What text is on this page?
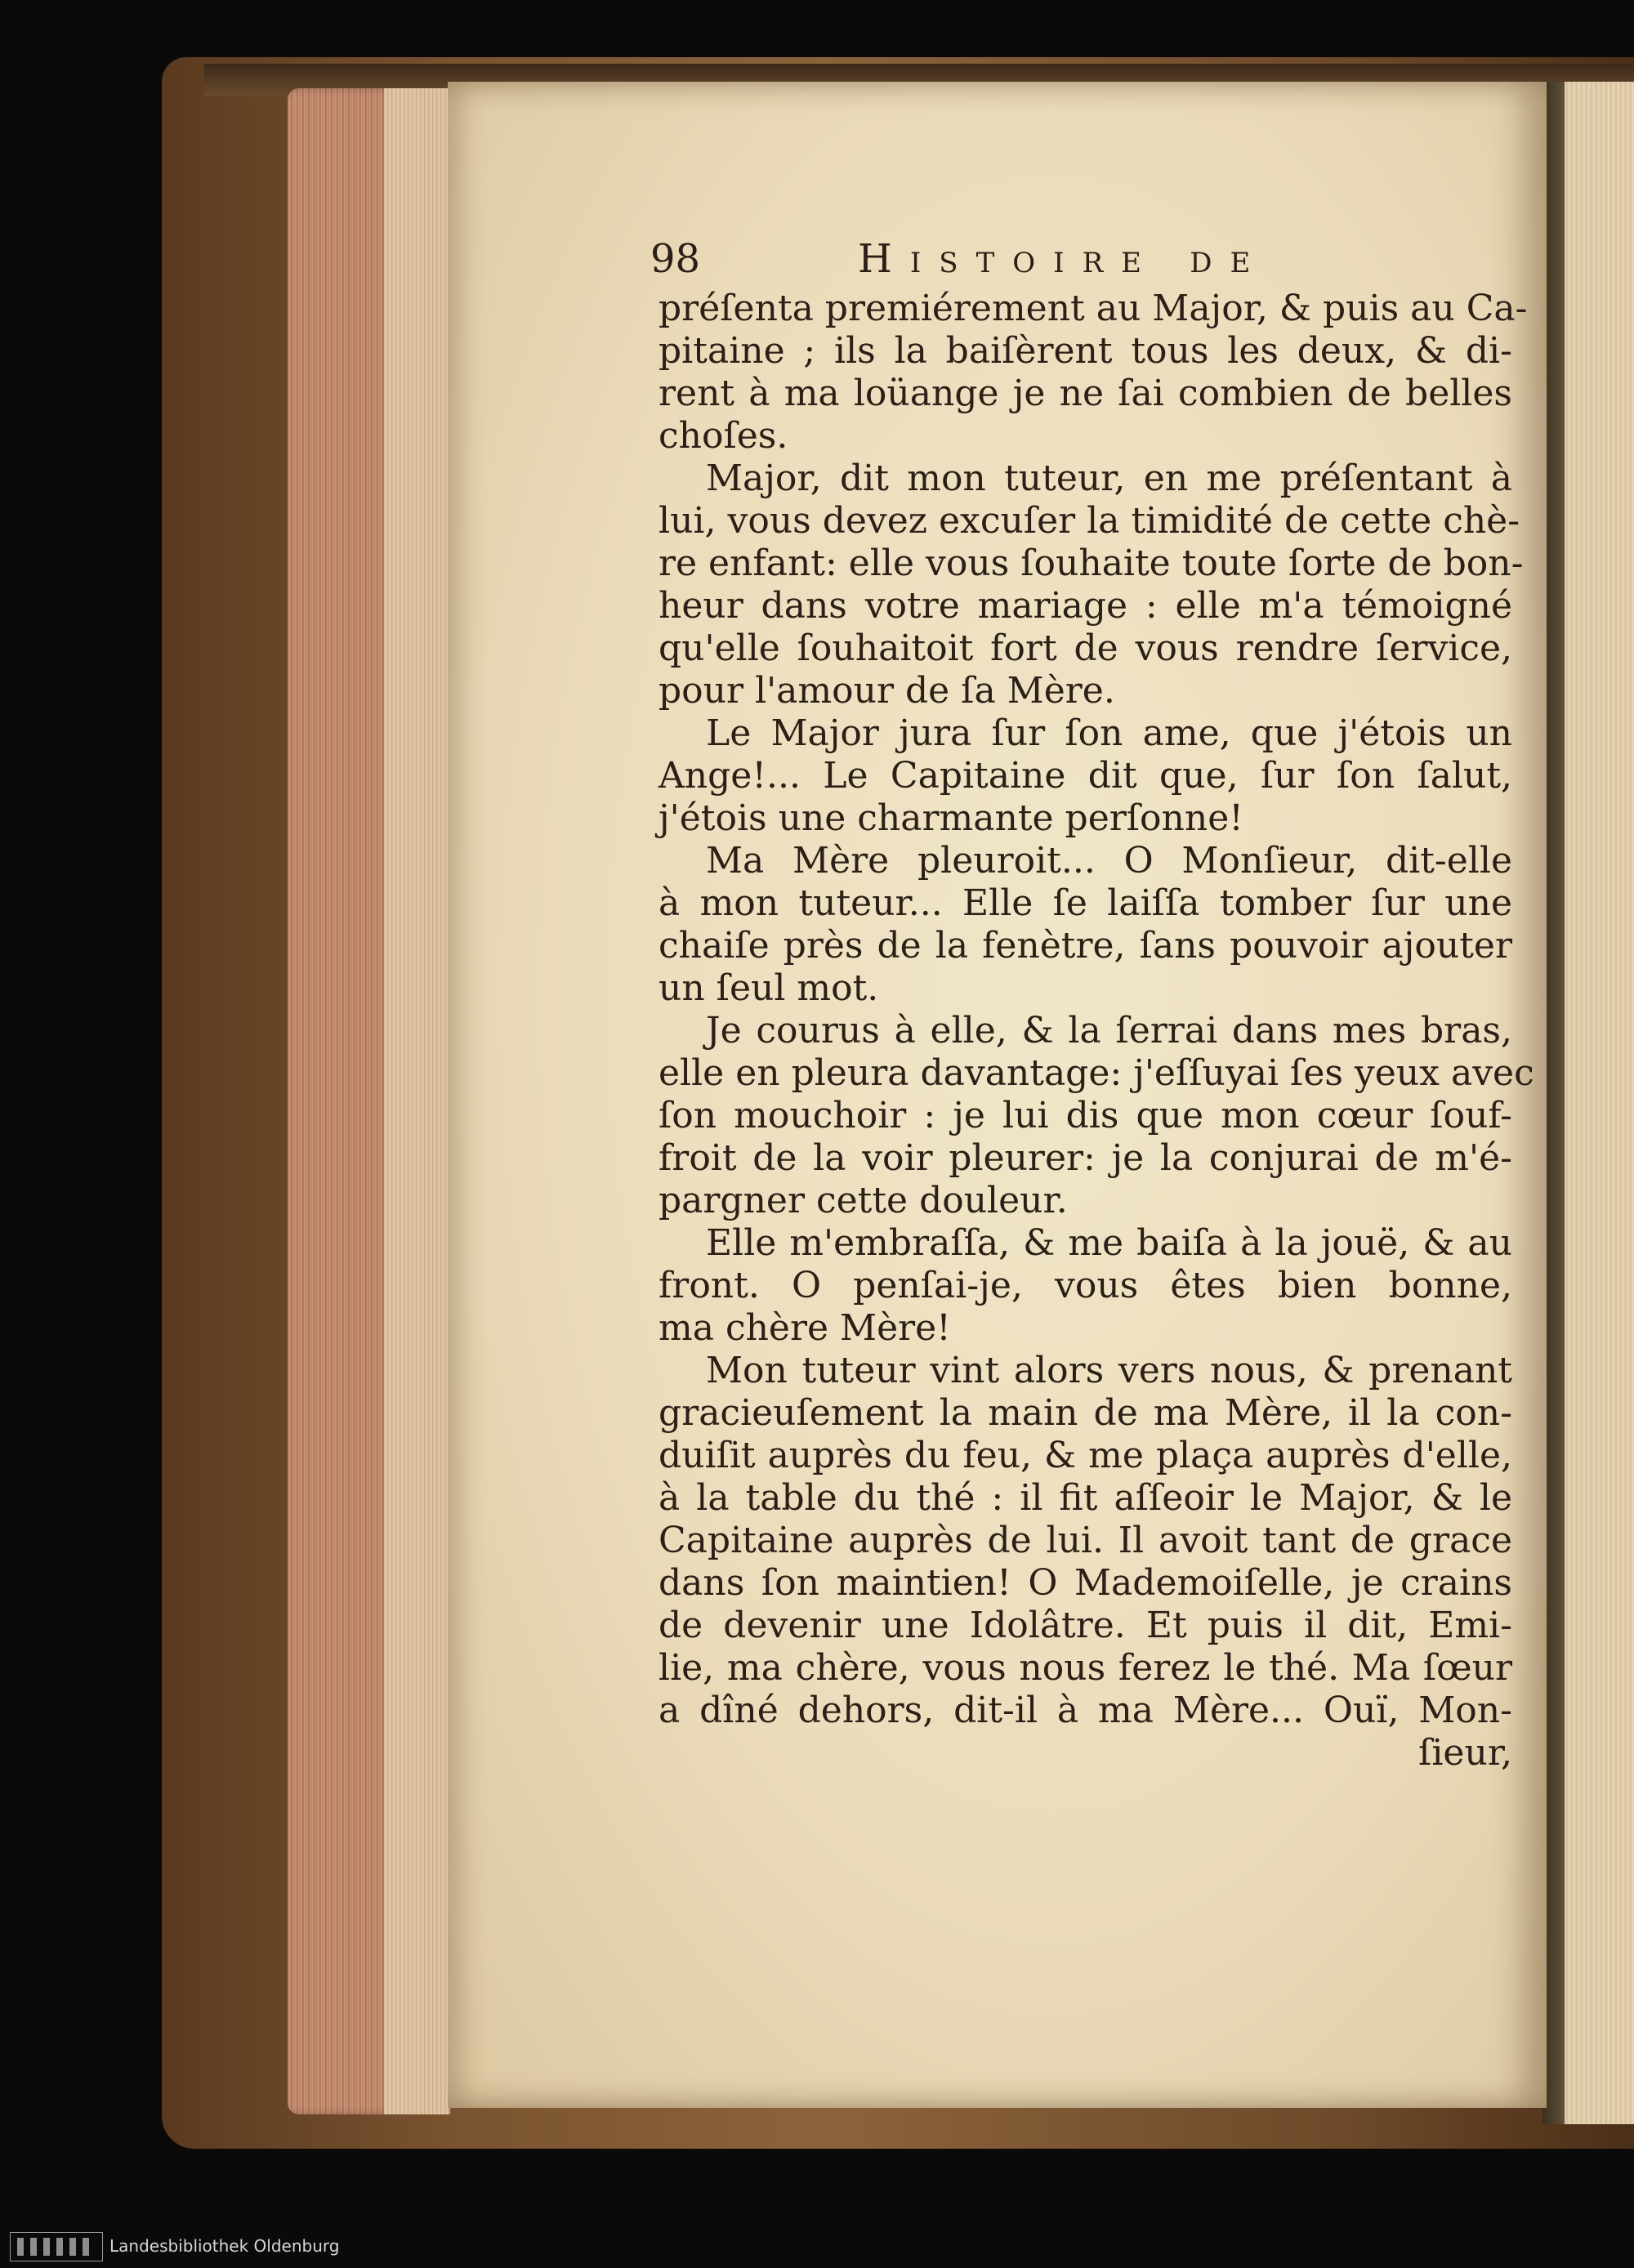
98	Histoire de
préſenta premiérement au Major, & puis au Ca-
pitaine ; ils la baiſèrent tous les deux, & di-
rent à ma loüange je ne ſai combien de belles
choſes.
Major, dit mon tuteur, en me préſentant à
lui, vous devez excuſer la timidité de cette chè-
re enfant: elle vous ſouhaite toute ſorte de bon-
heur dans votre mariage : elle m'a témoigné
qu'elle ſouhaitoit fort de vous rendre ſervice,
pour l'amour de ſa Mère.
Le Major jura ſur ſon ame, que j'étois un
Ange!... Le Capitaine dit que, ſur ſon ſalut,
j'étois une charmante perſonne!
Ma Mère pleuroit... O Monſieur, dit-elle
à mon tuteur... Elle ſe laiſſa tomber ſur une
chaiſe près de la fenètre, ſans pouvoir ajouter
un ſeul mot.
Je courus à elle, & la ſerrai dans mes bras,
elle en pleura davantage: j'eſſuyai ſes yeux avec
ſon mouchoir : je lui dis que mon cœur ſouf-
froit de la voir pleurer: je la conjurai de m'é-
pargner cette douleur.
Elle m'embraſſa, & me baiſa à la jouë, & au
front. O penſai-je, vous êtes bien bonne,
ma chère Mère!
Mon tuteur vint alors vers nous, & prenant
gracieuſement la main de ma Mère, il la con-
duiſit auprès du feu, & me plaça auprès d'elle,
à la table du thé : il fit aſſeoir le Major, & le
Capitaine auprès de lui. Il avoit tant de grace
dans ſon maintien! O Mademoiſelle, je crains
de devenir une Idolâtre. Et puis il dit, Emi-
lie, ma chère, vous nous ferez le thé. Ma ſœur
a dîné dehors, dit-il à ma Mère... Ouï, Mon-
ſieur,
Landesbibliothek Oldenburg
